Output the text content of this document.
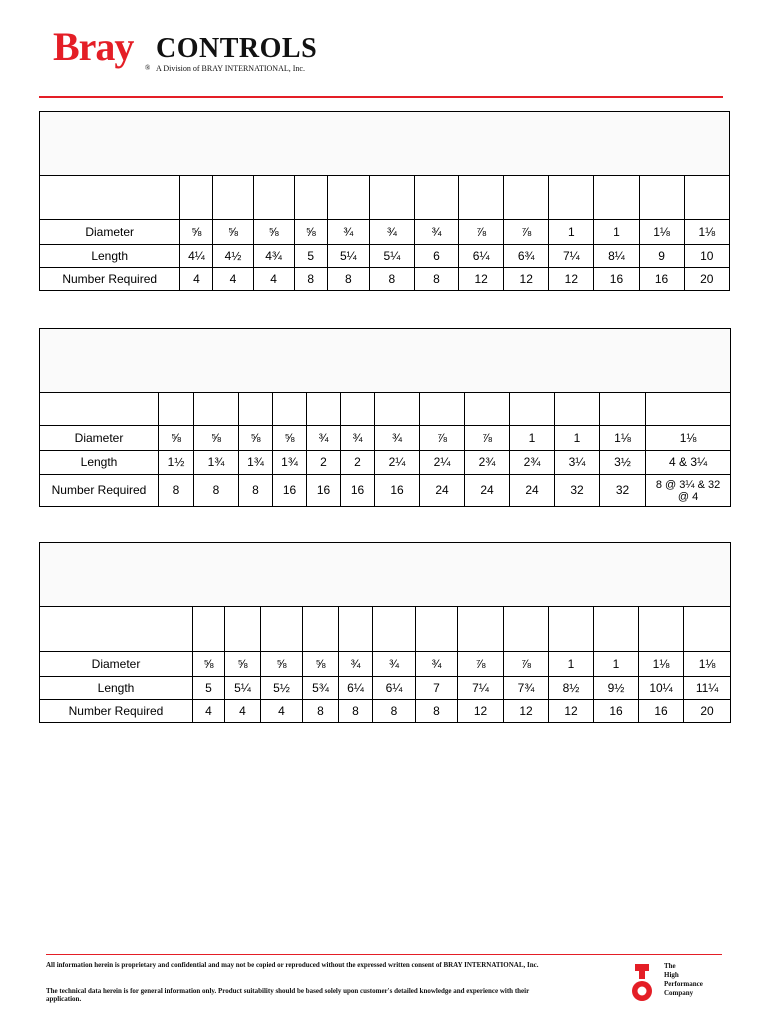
Bray ®
CONTROLS
A Division of BRAY INTERNATIONAL, Inc.

Diameter	⅝	⅝	⅝	⅝	¾	¾	¾	⅞	⅞	1	1	1⅛	1⅛
Length	4¼	4½	4¾	5	5¼	5¼	6	6¼	6¾	7¼	8¼	9	10
Number Required	4	4	4	8	8	8	8	12	12	12	16	16	20

Diameter	⅝	⅝	⅝	⅝	¾	¾	¾	⅞	⅞	1	1	1⅛	1⅛
Length	1½	1¾	1¾	1¾	2	2	2¼	2¼	2¾	2¾	3¼	3½	4 & 3¼
Number Required	8	8	8	16	16	16	16	24	24	24	32	32	8 @ 3¼ & 32 @ 4

Diameter	⅝	⅝	⅝	⅝	¾	¾	¾	⅞	⅞	1	1	1⅛	1⅛
Length	5	5¼	5½	5¾	6¼	6¼	7	7¼	7¾	8½	9½	10¼	11¼
Number Required	4	4	4	8	8	8	8	12	12	12	16	16	20
All information herein is proprietary and confidential and may not be copied or reproduced without the expressed written consent of BRAY INTERNATIONAL, Inc.
The technical data herein is for general information only. Product suitability should be based solely upon customer's detailed knowledge and experience with their application.
The
High
Performance
Company
